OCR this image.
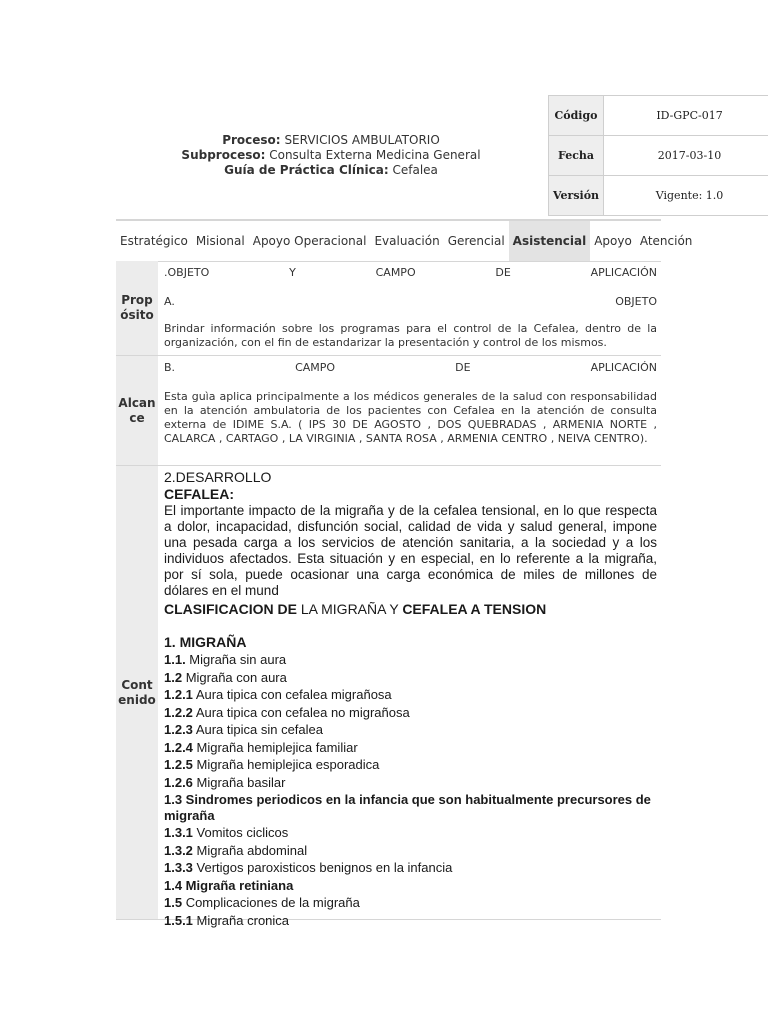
Proceso: SERVICIOS AMBULATORIO
Subproceso: Consulta Externa Medicina General
Guía de Práctica Clínica: Cefalea
Código	ID-GPC-017
Fecha	2017-03-10
Versión	Vigente: 1.0
Estratégico Misional Apoyo Operacional Evaluación Gerencial Asistencial Apoyo Atención
Prop
ósito
.OBJETO	Y	CAMPO	DE	APLICACIÓN
A.	OBJETO
Brindar información sobre los programas para el control de la Cefalea, dentro de la organización, con el fin de estandarizar la presentación y control de los mismos.
Alcan
ce
B.	CAMPO	DE	APLICACIÓN
Esta guìa aplica principalmente a los médicos generales de la salud con responsabilidad en la atención ambulatoria de los pacientes con Cefalea en la atención de consulta externa de IDIME S.A. ( IPS 30 DE AGOSTO , DOS QUEBRADAS , ARMENIA NORTE , CALARCA , CARTAGO , LA VIRGINIA , SANTA ROSA , ARMENIA CENTRO , NEIVA CENTRO).
Cont
enido
2.DESARROLLO
CEFALEA:
El importante impacto de la migraña y de la cefalea tensional, en lo que respecta a dolor, incapacidad, disfunción social, calidad de vida y salud general, impone una pesada carga a los servicios de atención sanitaria, a la sociedad y a los individuos afectados. Esta situación y en especial, en lo referente a la migraña, por sí sola, puede ocasionar una carga económica de miles de millones de dólares en el mund
CLASIFICACION DE LA MIGRAÑA Y CEFALEA A TENSION
1. MIGRAÑA
1.1. Migraña sin aura
1.2 Migraña con aura
1.2.1 Aura tipica con cefalea migrañosa
1.2.2 Aura tipica con cefalea no migrañosa
1.2.3 Aura tipica sin cefalea
1.2.4 Migraña hemiplejica familiar
1.2.5 Migraña hemiplejica esporadica
1.2.6 Migraña basilar
1.3 Sindromes periodicos en la infancia que son habitualmente precursores de migraña
1.3.1 Vomitos ciclicos
1.3.2 Migraña abdominal
1.3.3 Vertigos paroxisticos benignos en la infancia
1.4 Migraña retiniana
1.5 Complicaciones de la migraña
1.5.1 Migraña cronica
